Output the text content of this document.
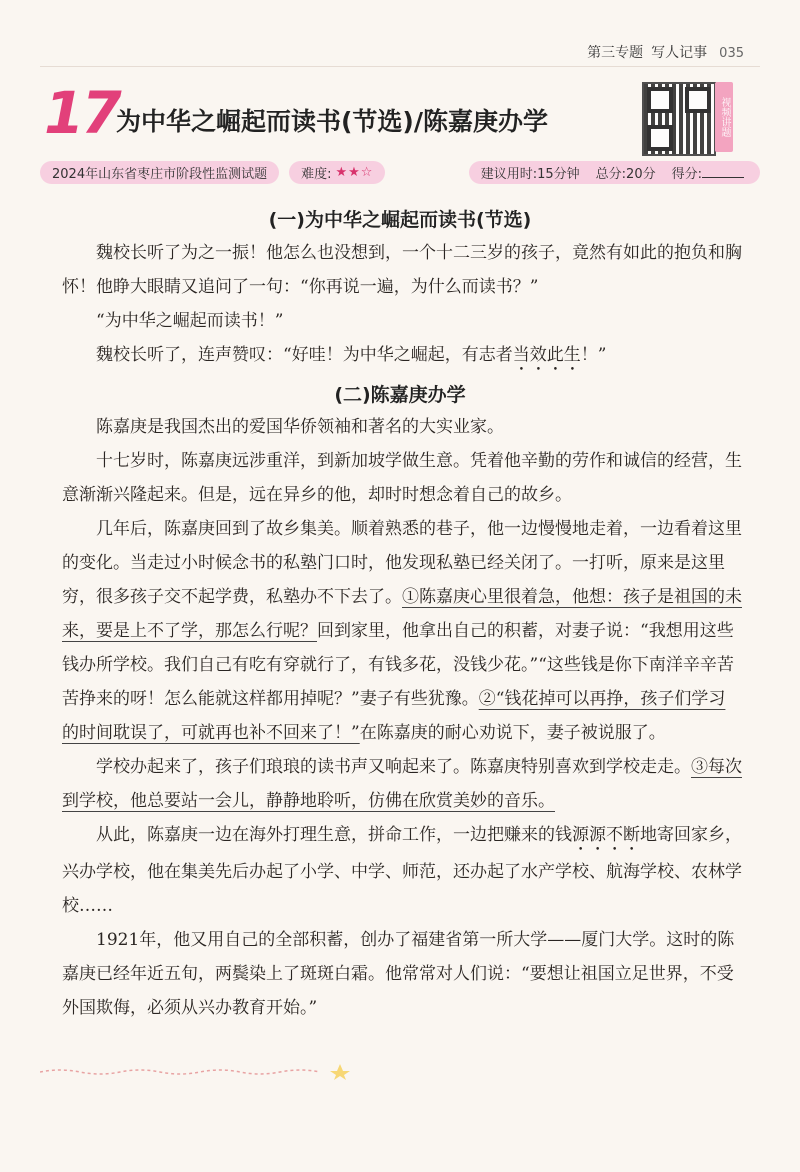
第三专题 写人记事 035
17
为中华之崛起而读书(节选)/陈嘉庚办学	视频讲题
2024年山东省枣庄市阶段性监测试题	难度: ★★☆	建议用时:15分钟 总分:20分 得分:
(一)为中华之崛起而读书(节选)

魏校长听了为之一振！他怎么也没想到，一个十二三岁的孩子，竟然有如此的抱负和胸怀！他睁大眼睛又追问了一句：“你再说一遍，为什么而读书？”

“为中华之崛起而读书！”

魏校长听了，连声赞叹：“好哇！为中华之崛起，有志者当效此生！”

(二)陈嘉庚办学

陈嘉庚是我国杰出的爱国华侨领袖和著名的大实业家。

十七岁时，陈嘉庚远涉重洋，到新加坡学做生意。凭着他辛勤的劳作和诚信的经营，生意渐渐兴隆起来。但是，远在异乡的他，却时时想念着自己的故乡。

几年后，陈嘉庚回到了故乡集美。顺着熟悉的巷子，他一边慢慢地走着，一边看着这里的变化。当走过小时候念书的私塾门口时，他发现私塾已经关闭了。一打听，原来是这里穷，很多孩子交不起学费，私塾办不下去了。①陈嘉庚心里很着急，他想：孩子是祖国的未来，要是上不了学，那怎么行呢？回到家里，他拿出自己的积蓄，对妻子说：“我想用这些钱办所学校。我们自己有吃有穿就行了，有钱多花，没钱少花。”“这些钱是你下南洋辛辛苦苦挣来的呀！怎么能就这样都用掉呢？”妻子有些犹豫。②“钱花掉可以再挣，孩子们学习的时间耽误了，可就再也补不回来了！”在陈嘉庚的耐心劝说下，妻子被说服了。

学校办起来了，孩子们琅琅的读书声又响起来了。陈嘉庚特别喜欢到学校走走。③每次到学校，他总要站一会儿，静静地聆听，仿佛在欣赏美妙的音乐。

从此，陈嘉庚一边在海外打理生意，拼命工作，一边把赚来的钱源源不断地寄回家乡，兴办学校，他在集美先后办起了小学、中学、师范，还办起了水产学校、航海学校、农林学校……

1921年，他又用自己的全部积蓄，创办了福建省第一所大学——厦门大学。这时的陈嘉庚已经年近五旬，两鬓染上了斑斑白霜。他常常对人们说：“要想让祖国立足世界，不受外国欺侮，必须从兴办教育开始。”
